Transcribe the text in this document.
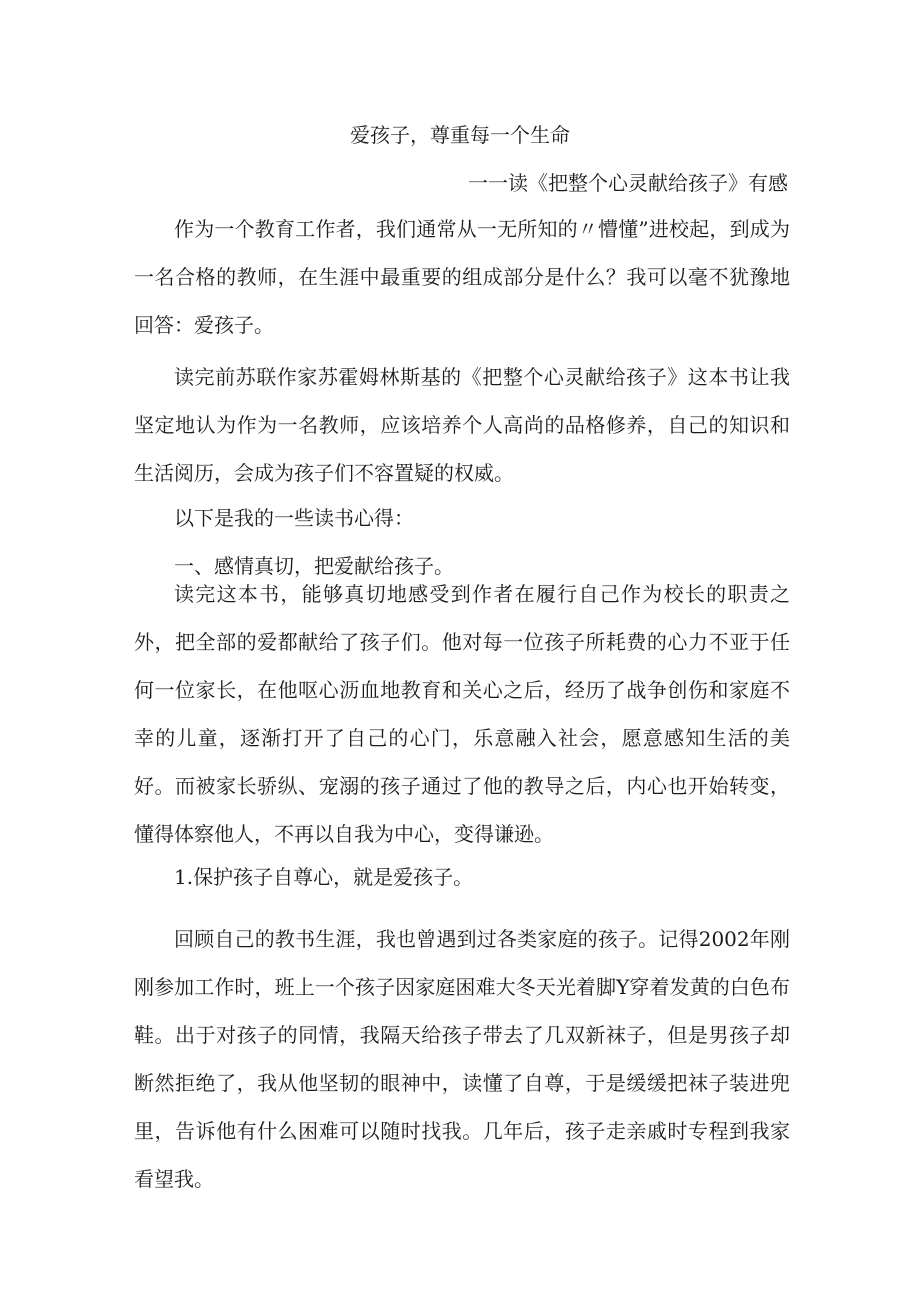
爱孩子，尊重每一个生命
一一读《把整个心灵献给孩子》有感

作为一个教育工作者，我们通常从一无所知的〃懵懂”进校起，到成为一名合格的教师，在生涯中最重要的组成部分是什么？我可以毫不犹豫地回答：爱孩子。

读完前苏联作家苏霍姆林斯基的《把整个心灵献给孩子》这本书让我坚定地认为作为一名教师，应该培养个人高尚的品格修养，自己的知识和生活阅历，会成为孩子们不容置疑的权威。

以下是我的一些读书心得：

一、感情真切，把爱献给孩子。

读完这本书，能够真切地感受到作者在履行自己作为校长的职责之外，把全部的爱都献给了孩子们。他对每一位孩子所耗费的心力不亚于任何一位家长，在他呕心沥血地教育和关心之后，经历了战争创伤和家庭不幸的儿童，逐渐打开了自己的心门，乐意融入社会，愿意感知生活的美好。而被家长骄纵、宠溺的孩子通过了他的教导之后，内心也开始转变，懂得体察他人，不再以自我为中心，变得谦逊。

1.保护孩子自尊心，就是爱孩子。

回顾自己的教书生涯，我也曾遇到过各类家庭的孩子。记得2002年刚刚参加工作时，班上一个孩子因家庭困难大冬天光着脚Y穿着发黄的白色布鞋。出于对孩子的同情，我隔天给孩子带去了几双新袜子，但是男孩子却断然拒绝了，我从他坚韧的眼神中，读懂了自尊，于是缓缓把袜子装进兜里，告诉他有什么困难可以随时找我。几年后，孩子走亲戚时专程到我家看望我。
